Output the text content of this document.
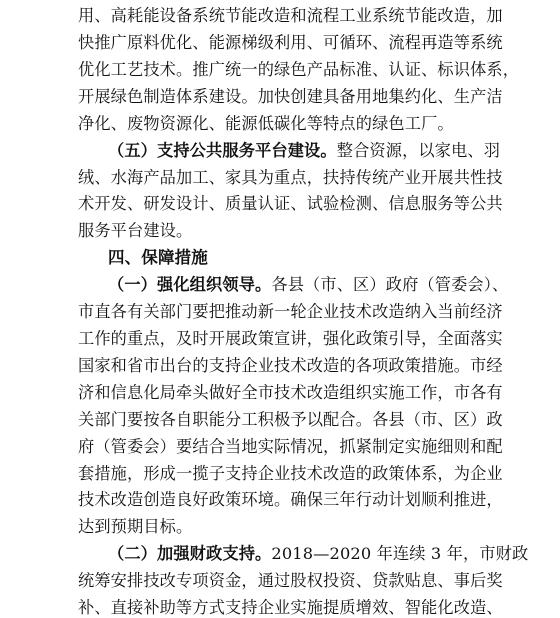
用、高耗能设备系统节能改造和流程工业系统节能改造，加
快推广原料优化、能源梯级利用、可循环、流程再造等系统
优化工艺技术。推广统一的绿色产品标准、认证、标识体系，
开展绿色制造体系建设。加快创建具备用地集约化、生产洁
净化、废物资源化、能源低碳化等特点的绿色工厂。
（五）支持公共服务平台建设。整合资源，以家电、羽
绒、水海产品加工、家具为重点，扶持传统产业开展共性技
术开发、研发设计、质量认证、试验检测、信息服务等公共
服务平台建设。
四、保障措施
（一）强化组织领导。各县（市、区）政府（管委会）、
市直各有关部门要把推动新一轮企业技术改造纳入当前经济
工作的重点，及时开展政策宣讲，强化政策引导，全面落实
国家和省市出台的支持企业技术改造的各项政策措施。市经
济和信息化局牵头做好全市技术改造组织实施工作，市各有
关部门要按各自职能分工积极予以配合。各县（市、区）政
府（管委会）要结合当地实际情况，抓紧制定实施细则和配
套措施，形成一揽子支持企业技术改造的政策体系，为企业
技术改造创造良好政策环境。确保三年行动计划顺利推进，
达到预期目标。
（二）加强财政支持。2018—2020 年连续 3 年，市财政
统筹安排技改专项资金，通过股权投资、贷款贴息、事后奖
补、直接补助等方式支持企业实施提质增效、智能化改造、
